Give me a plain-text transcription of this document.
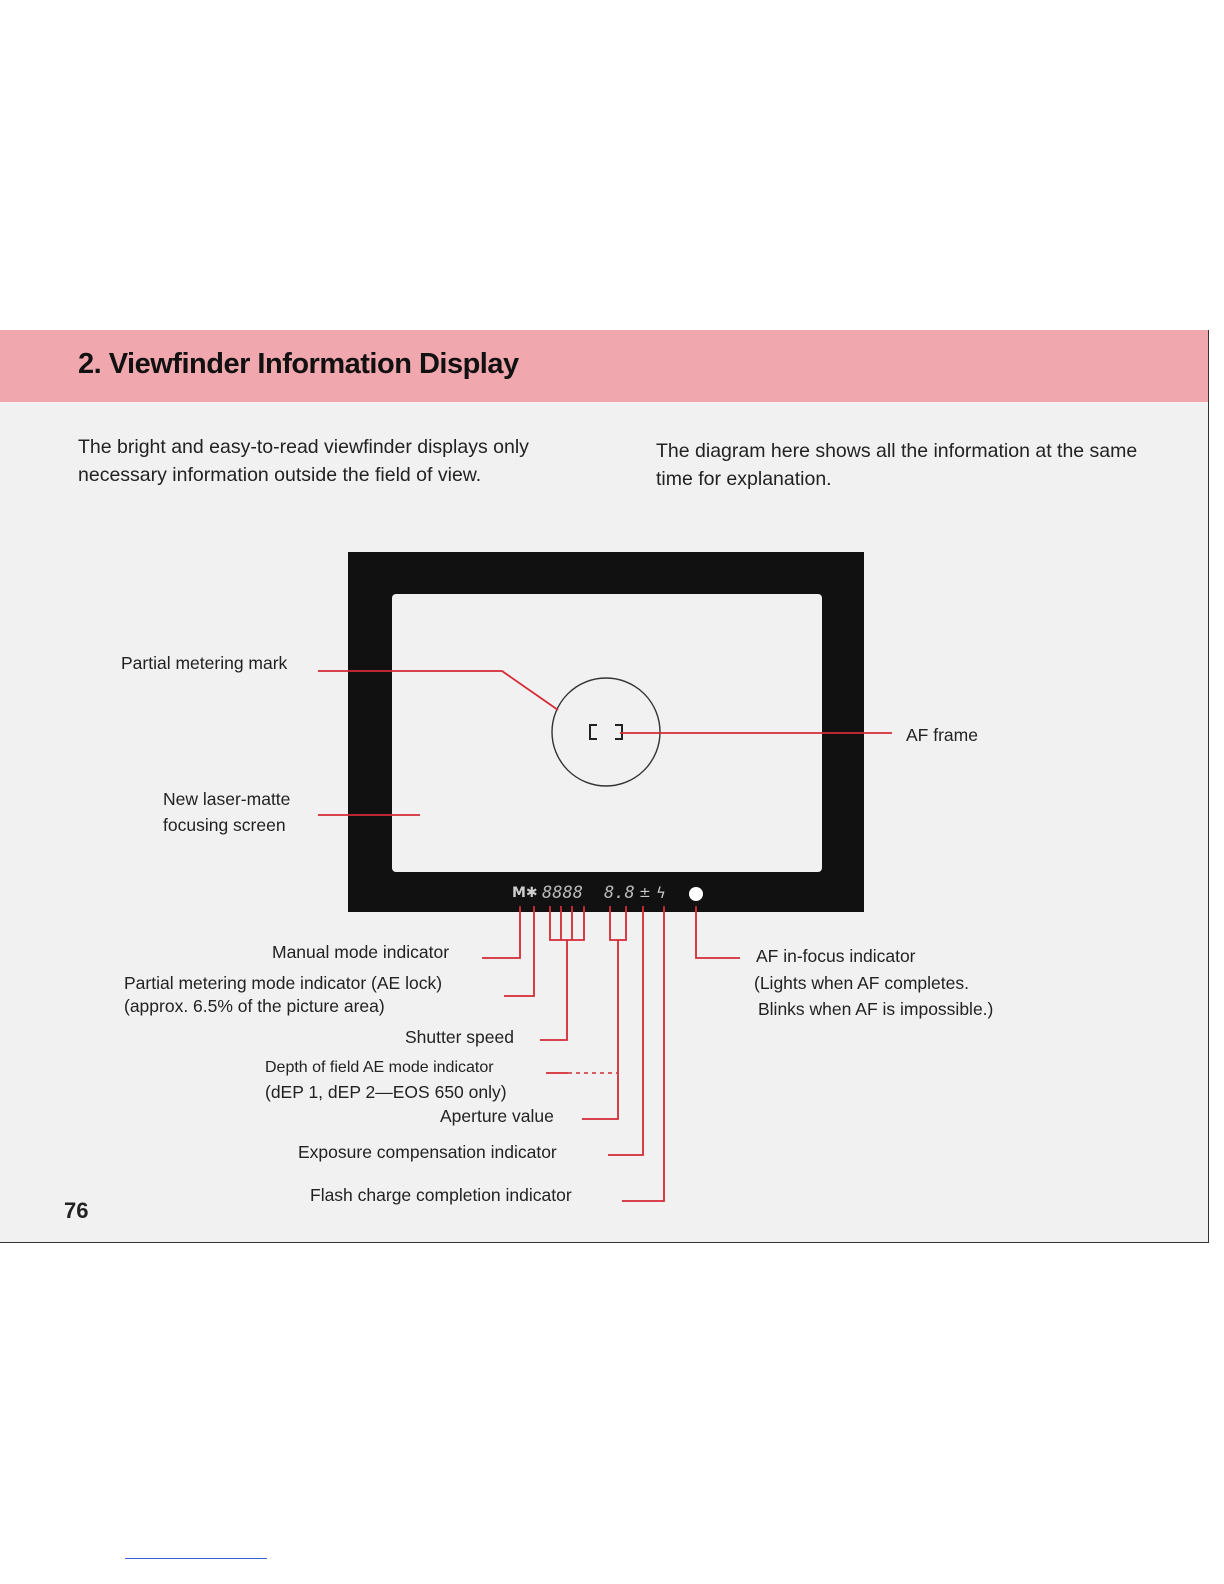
2. Viewfinder Information Display
The bright and easy-to-read viewfinder displays only necessary information outside the field of view.
The diagram here shows all the information at the same time for explanation.
M✱ 8888 8.8 ± ϟ
Partial metering mark
AF frame
New laser-matte
focusing screen
Manual mode indicator
Partial metering mode indicator (AE lock)
(approx. 6.5% of the picture area)
Shutter speed
Depth of field AE mode indicator
(dEP 1, dEP 2—EOS 650 only)
Aperture value
Exposure compensation indicator
Flash charge completion indicator
AF in-focus indicator
(Lights when AF completes.
Blinks when AF is impossible.)
76
